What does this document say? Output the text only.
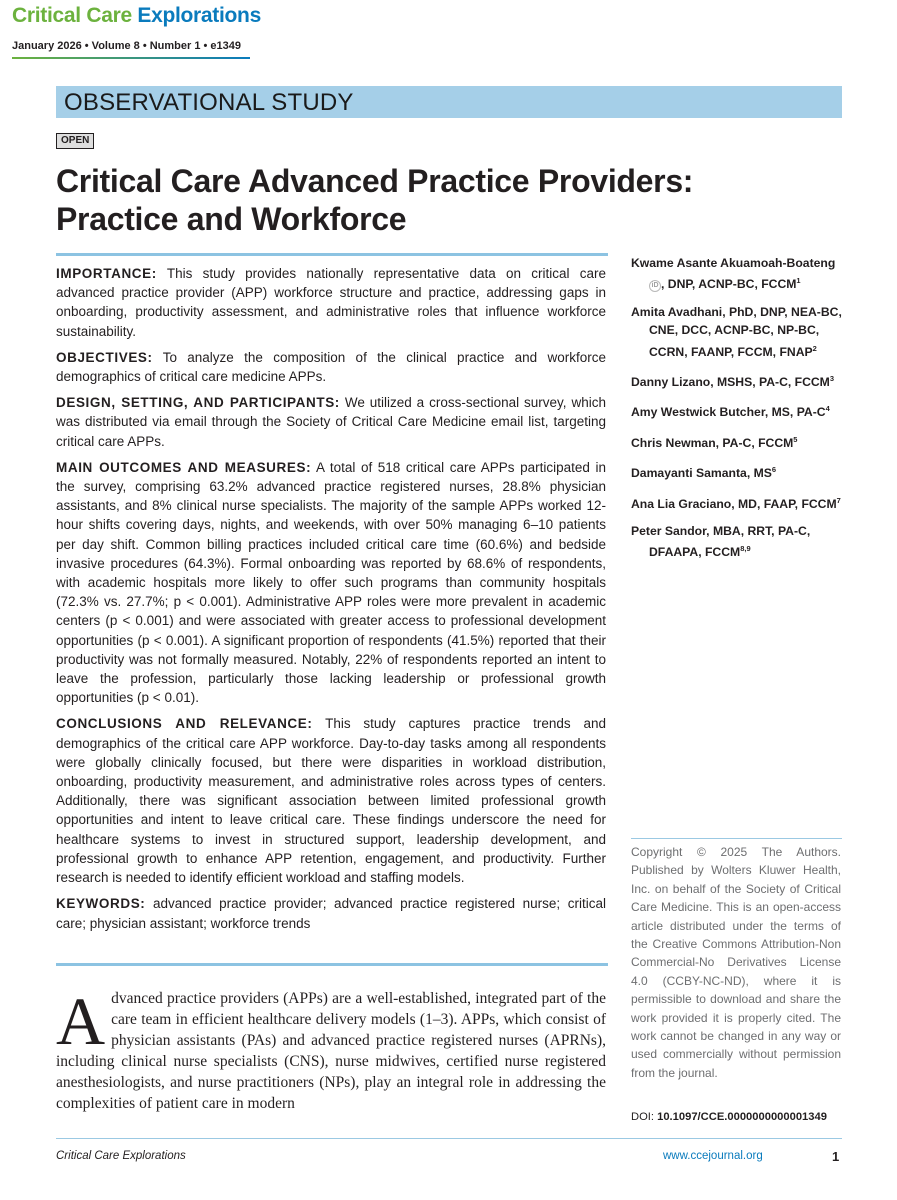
Critical Care Explorations
January 2026 • Volume 8 • Number 1 • e1349
OBSERVATIONAL STUDY
OPEN
Critical Care Advanced Practice Providers:
Practice and Workforce

IMPORTANCE: This study provides nationally representative data on critical care advanced practice provider (APP) workforce structure and practice, addressing gaps in onboarding, productivity assessment, and administrative roles that influence workforce sustainability.

OBJECTIVES: To analyze the composition of the clinical practice and workforce demographics of critical care medicine APPs.

DESIGN, SETTING, AND PARTICIPANTS: We utilized a cross-sectional survey, which was distributed via email through the Society of Critical Care Medicine email list, targeting critical care APPs.

MAIN OUTCOMES AND MEASURES: A total of 518 critical care APPs participated in the survey, comprising 63.2% advanced practice registered nurses, 28.8% physician assistants, and 8% clinical nurse specialists. The majority of the sample APPs worked 12-hour shifts covering days, nights, and weekends, with over 50% managing 6–10 patients per day shift. Common billing practices included critical care time (60.6%) and bedside invasive procedures (64.3%). Formal onboarding was reported by 68.6% of respondents, with academic hospitals more likely to offer such programs than community hospitals (72.3% vs. 27.7%; p < 0.001). Administrative APP roles were more prevalent in academic centers (p < 0.001) and were associated with greater access to professional development opportunities (p < 0.001). A significant proportion of respondents (41.5%) reported that their productivity was not formally measured. Notably, 22% of respondents reported an intent to leave the profession, particularly those lacking leadership or professional growth opportunities (p < 0.01).

CONCLUSIONS AND RELEVANCE: This study captures practice trends and demographics of the critical care APP workforce. Day-to-day tasks among all respondents were globally clinically focused, but there were disparities in workload distribution, onboarding, productivity measurement, and administrative roles across types of centers. Additionally, there was significant association between limited professional growth opportunities and intent to leave critical care. These findings underscore the need for healthcare systems to invest in structured support, leadership development, and professional growth to enhance APP retention, engagement, and productivity. Further research is needed to identify efficient workload and staffing models.

KEYWORDS: advanced practice provider; advanced practice registered nurse; critical care; physician assistant; workforce trends

Advanced practice providers (APPs) are a well-established, integrated part of the care team in efficient healthcare delivery models (1–3). APPs, which consist of physician assistants (PAs) and advanced practice registered nurses (APRNs), including clinical nurse specialists (CNS), nurse midwives, certified nurse registered anesthesiologists, and nurse practitioners (NPs), play an integral role in addressing the complexities of patient care in modern
Kwame Asante Akuamoah-BoatengiD , DNP, ACNP-BC, FCCM$^1$
Amita Avadhani, PhD, DNP, NEA-BC, CNE, DCC, ACNP-BC, NP-BC, CCRN, FAANP, FCCM, FNAP$^2$
Danny Lizano, MSHS, PA-C, FCCM$^3$
Amy Westwick Butcher, MS, $PA-C^4$
Chris Newman, PA-C, FCCM$^5$
Damayanti Samanta, $MS^6$
Ana Lia Graciano, MD, FAAP, FCCM$^7$
Peter Sandor, MBA, RRT, PA-C, DFAAPA, FCCM$^{8,9}$
Copyright © 2025 The Authors. Published by Wolters Kluwer Health, Inc. on behalf of the Society of Critical Care Medicine. This is an open-access article distributed under the terms of the Creative Commons Attribution-Non Commercial-No Derivatives License 4.0 (CCBY-NC-ND), where it is permissible to download and share the work provided it is properly cited. The work cannot be changed in any way or used commercially without permission from the journal.
DOI: 10.1097/CCE.0000000000001349
Critical Care Explorations	www.ccejournal.org	1
